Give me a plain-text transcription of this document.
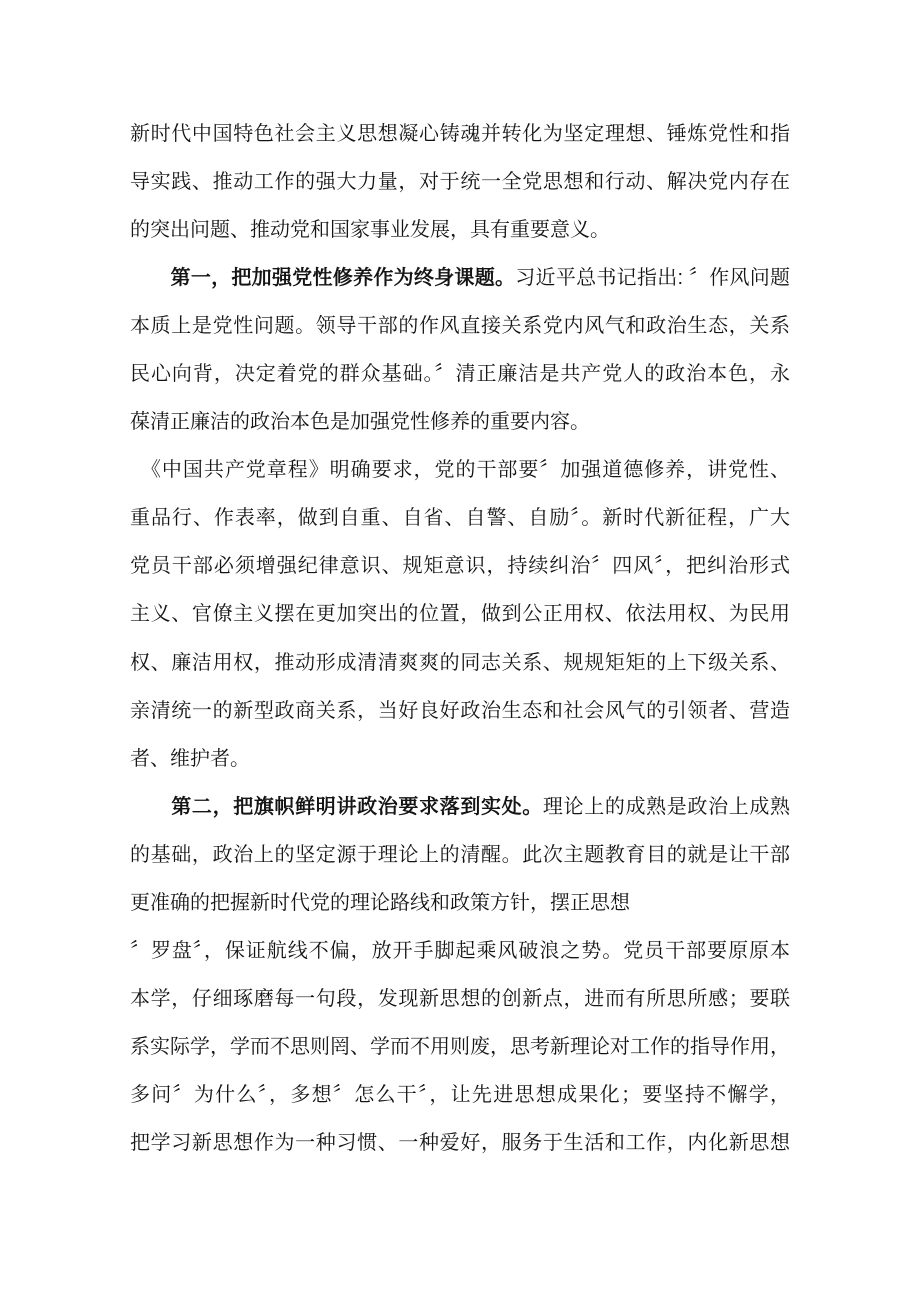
新时代中国特色社会主义思想凝心铸魂并转化为坚定理想、锤炼党性和指
导实践、推动工作的强大力量，对于统一全党思想和行动、解决党内存在
的突出问题、推动党和国家事业发展，具有重要意义。
　　第一，把加强党性修养作为终身课题。习近平总书记指出: 〞作风问题
本质上是党性问题。领导干部的作风直接关系党内风气和政治生态，关系
民心向背，决定着党的群众基础。〞清正廉洁是共产党人的政治本色，永
葆清正廉洁的政治本色是加强党性修养的重要内容。
　《中国共产党章程》明确要求，党的干部要〞加强道德修养，讲党性、
重品行、作表率，做到自重、自省、自警、自励〞。新时代新征程，广大
党员干部必须增强纪律意识、规矩意识，持续纠治〞四风〞，把纠治形式
主义、官僚主义摆在更加突出的位置，做到公正用权、依法用权、为民用
权、廉洁用权，推动形成清清爽爽的同志关系、规规矩矩的上下级关系、
亲清统一的新型政商关系，当好良好政治生态和社会风气的引领者、营造
者、维护者。
　　第二，把旗帜鲜明讲政治要求落到实处。理论上的成熟是政治上成熟
的基础，政治上的坚定源于理论上的清醒。此次主题教育目的就是让干部
更准确的把握新时代党的理论路线和政策方针，摆正思想
〞罗盘〞，保证航线不偏，放开手脚起乘风破浪之势。党员干部要原原本
本学，仔细琢磨每一句段，发现新思想的创新点，进而有所思所感；要联
系实际学，学而不思则罔、学而不用则废，思考新理论对工作的指导作用，
多问〞为什么〞，多想〞怎么干〞，让先进思想成果化；要坚持不懈学，
把学习新思想作为一种习惯、一种爱好，服务于生活和工作，内化新思想
